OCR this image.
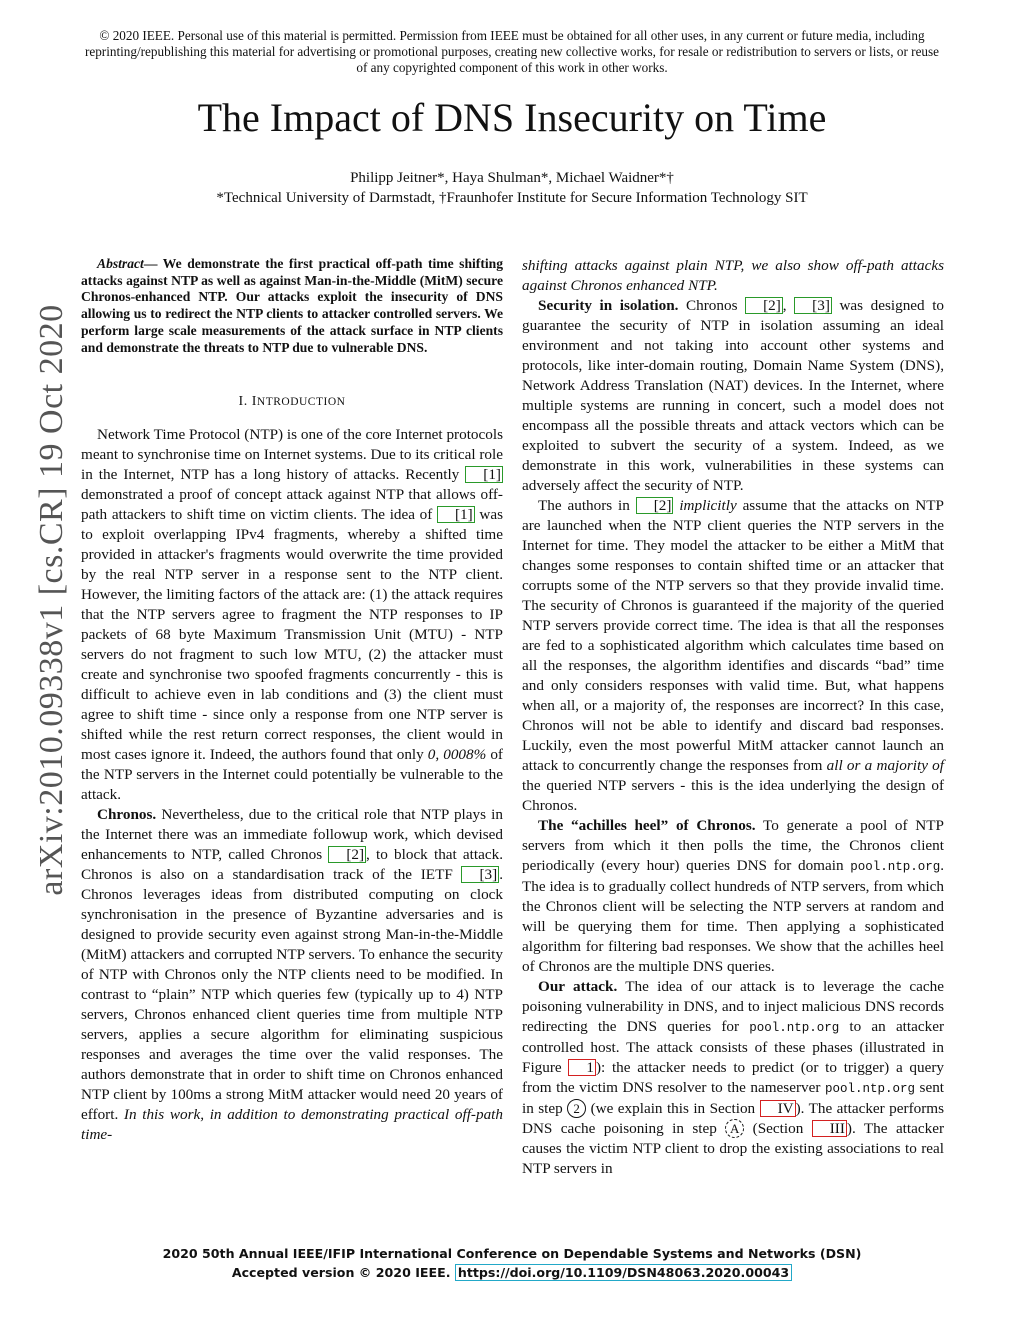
© 2020 IEEE. Personal use of this material is permitted. Permission from IEEE must be obtained for all other uses, in any current or future media, including reprinting/republishing this material for advertising or promotional purposes, creating new collective works, for resale or redistribution to servers or lists, or reuse of any copyrighted component of this work in other works.
The Impact of DNS Insecurity on Time
Philipp Jeitner*, Haya Shulman*, Michael Waidner*†
*Technical University of Darmstadt, †Fraunhofer Institute for Secure Information Technology SIT
arXiv:2010.09338v1 [cs.CR] 19 Oct 2020

Abstract— We demonstrate the first practical off-path time shifting attacks against NTP as well as against Man-in-the-Middle (MitM) secure Chronos-enhanced NTP. Our attacks exploit the insecurity of DNS allowing us to redirect the NTP clients to attacker controlled servers. We perform large scale measurements of the attack surface in NTP clients and demonstrate the threats to NTP due to vulnerable DNS.

I. INTRODUCTION

Network Time Protocol (NTP) is one of the core Internet protocols meant to synchronise time on Internet systems. Due to its critical role in the Internet, NTP has a long history of attacks. Recently [1] demonstrated a proof of concept attack against NTP that allows off-path attackers to shift time on victim clients. The idea of [1] was to exploit overlapping IPv4 fragments, whereby a shifted time provided in attacker's fragments would overwrite the time provided by the real NTP server in a response sent to the NTP client. However, the limiting factors of the attack are: (1) the attack requires that the NTP servers agree to fragment the NTP responses to IP packets of 68 byte Maximum Transmission Unit (MTU) - NTP servers do not fragment to such low MTU, (2) the attacker must create and synchronise two spoofed fragments concurrently - this is difficult to achieve even in lab conditions and (3) the client must agree to shift time - since only a response from one NTP server is shifted while the rest return correct responses, the client would in most cases ignore it. Indeed, the authors found that only 0, 0008% of the NTP servers in the Internet could potentially be vulnerable to the attack.

Chronos. Nevertheless, due to the critical role that NTP plays in the Internet there was an immediate followup work, which devised enhancements to NTP, called Chronos [2] , to block that attack. Chronos is also on a standardisation track of the IETF [3] . Chronos leverages ideas from distributed computing on clock synchronisation in the presence of Byzantine adversaries and is designed to provide security even against strong Man-in-the-Middle (MitM) attackers and corrupted NTP servers. To enhance the security of NTP with Chronos only the NTP clients need to be modified. In contrast to “plain” NTP which queries few (typically up to 4) NTP servers, Chronos enhanced client queries time from multiple NTP servers, applies a secure algorithm for eliminating suspicious responses and averages the time over the valid responses. The authors demonstrate that in order to shift time on Chronos enhanced NTP client by 100ms a strong MitM attacker would need 20 years of effort. In this work, in addition to demonstrating practical off-path time-

shifting attacks against plain NTP, we also show off-path attacks against Chronos enhanced NTP.

Security in isolation. Chronos [2] , [3] was designed to guarantee the security of NTP in isolation assuming an ideal environment and not taking into account other systems and protocols, like inter-domain routing, Domain Name System (DNS), Network Address Translation (NAT) devices. In the Internet, where multiple systems are running in concert, such a model does not encompass all the possible threats and attack vectors which can be exploited to subvert the security of a system. Indeed, as we demonstrate in this work, vulnerabilities in these systems can adversely affect the security of NTP.

The authors in [2] implicitly assume that the attacks on NTP are launched when the NTP client queries the NTP servers in the Internet for time. They model the attacker to be either a MitM that changes some responses to contain shifted time or an attacker that corrupts some of the NTP servers so that they provide invalid time. The security of Chronos is guaranteed if the majority of the queried NTP servers provide correct time. The idea is that all the responses are fed to a sophisticated algorithm which calculates time based on all the responses, the algorithm identifies and discards “bad” time and only considers responses with valid time. But, what happens when all, or a majority of, the responses are incorrect? In this case, Chronos will not be able to identify and discard bad responses. Luckily, even the most powerful MitM attacker cannot launch an attack to concurrently change the responses from all or a majority of the queried NTP servers - this is the idea underlying the design of Chronos.

The “achilles heel” of Chronos. To generate a pool of NTP servers from which it then polls the time, the Chronos client periodically (every hour) queries DNS for domain pool.ntp.org. The idea is to gradually collect hundreds of NTP servers, from which the Chronos client will be selecting the NTP servers at random and will be querying them for time. Then applying a sophisticated algorithm for filtering bad responses. We show that the achilles heel of Chronos are the multiple DNS queries.

Our attack. The idea of our attack is to leverage the cache poisoning vulnerability in DNS, and to inject malicious DNS records redirecting the DNS queries for pool.ntp.org to an attacker controlled host. The attack consists of these phases (illustrated in Figure 1 ): the attacker needs to predict (or to trigger) a query from the victim DNS resolver to the nameserver pool.ntp.org sent in step 2 (we explain this in Section IV ). The attacker performs DNS cache poisoning in step A (Section III ). The attacker causes the victim NTP client to drop the existing associations to real NTP servers in

2020 50th Annual IEEE/IFIP International Conference on Dependable Systems and Networks (DSN)
Accepted version © 2020 IEEE. https://doi.org/10.1109/DSN48063.2020.00043
